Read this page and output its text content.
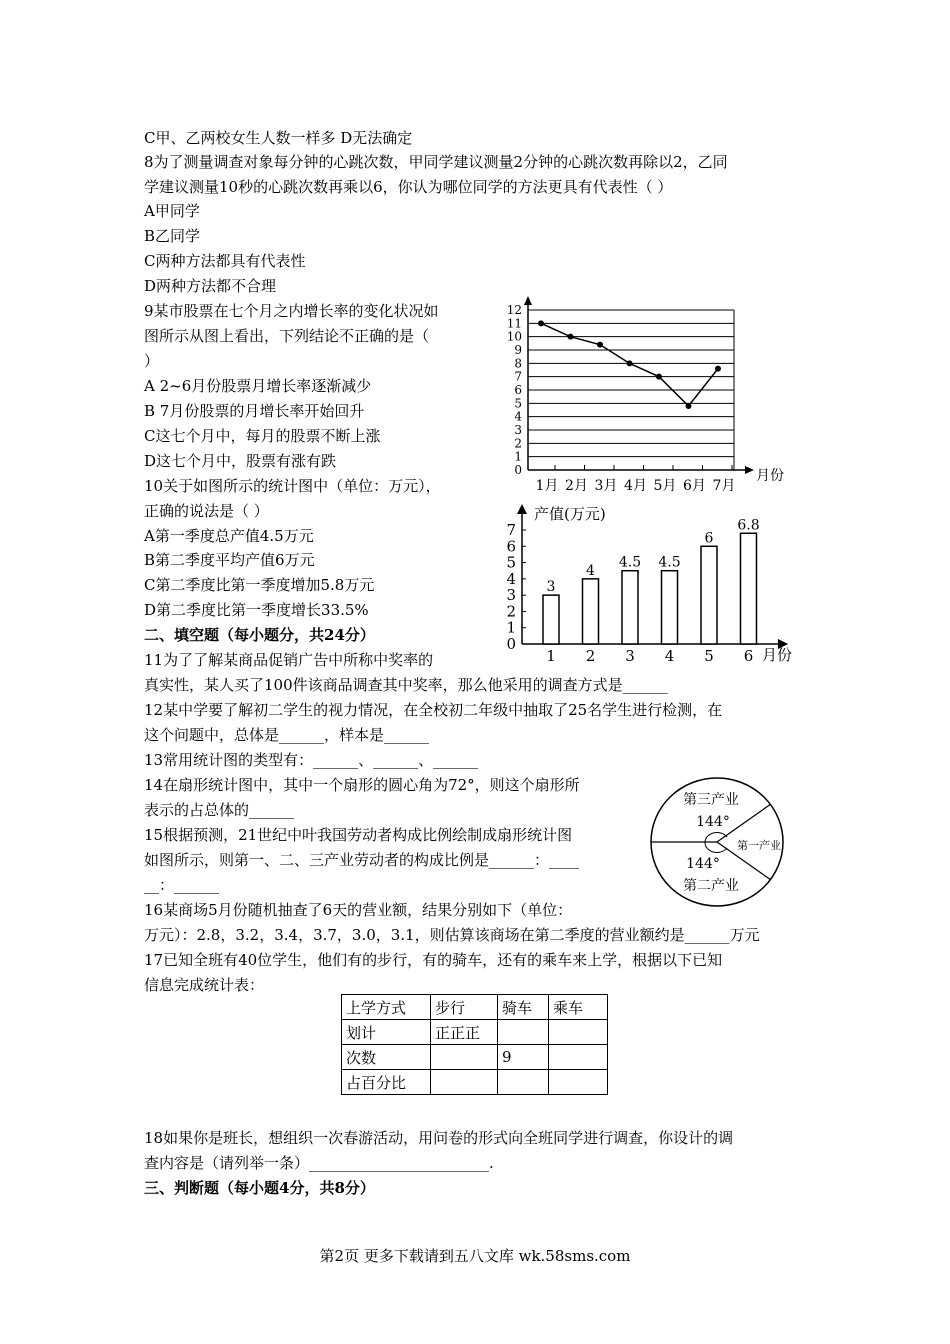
C甲、乙两校女生人数一样多 D无法确定
8为了测量调查对象每分钟的心跳次数，甲同学建议测量2分钟的心跳次数再除以2，乙同
学建议测量10秒的心跳次数再乘以6，你认为哪位同学的方法更具有代表性（ ）
A甲同学
B乙同学
C两种方法都具有代表性
D两种方法都不合理
9某市股票在七个月之内增长率的变化状况如
图所示从图上看出，下列结论不正确的是（
）
A 2~6月份股票月增长率逐渐减少
B 7月份股票的月增长率开始回升
C这七个月中，每月的股票不断上涨
D这七个月中，股票有涨有跌
10关于如图所示的统计图中（单位：万元），
正确的说法是（ ）
A第一季度总产值4.5万元
B第二季度平均产值6万元
C第二季度比第一季度增加5.8万元
D第二季度比第一季度增长33.5%
二、填空题（每小题分，共24分）
11为了了解某商品促销广告中所称中奖率的
真实性，某人买了100件该商品调查其中奖率，那么他采用的调查方式是______
12某中学要了解初二学生的视力情况，在全校初二年级中抽取了25名学生进行检测，在
这个问题中，总体是______，样本是______
13常用统计图的类型有：______、______、______
14在扇形统计图中，其中一个扇形的圆心角为72°，则这个扇形所
表示的占总体的______
15根据预测，21世纪中叶我国劳动者构成比例绘制成扇形统计图
如图所示，则第一、二、三产业劳动者的构成比例是______：____
__：______
16某商场5月份随机抽查了6天的营业额，结果分别如下（单位：
万元）：2.8，3.2，3.4，3.7，3.0，3.1，则估算该商场在第二季度的营业额约是______万元
17已知全班有40位学生，他们有的步行，有的骑车，还有的乘车来上学，根据以下已知
信息完成统计表：
18如果你是班长，想组织一次春游活动，用问卷的形式向全班同学进行调查，你设计的调
查内容是（请列举一条）________________________.
三、判断题（每小题4分，共8分）
0
1
2
3
4
5
6
7
8
9
10
11
12
1月 2月 3月 4月 5月 6月 7月
月份
0
1
2
3
4
5
6
7
产值(万元)
月份
3
1
4
2
4.5
3
4.5
4
6
5
6.8
6
第三产业
144°
第一产业
144°
第二产业
上学方式	步行	骑车	乘车
划计	正正正		
次数		9	
占百分比			
第2页 更多下载请到五八文库 wk.58sms.com
